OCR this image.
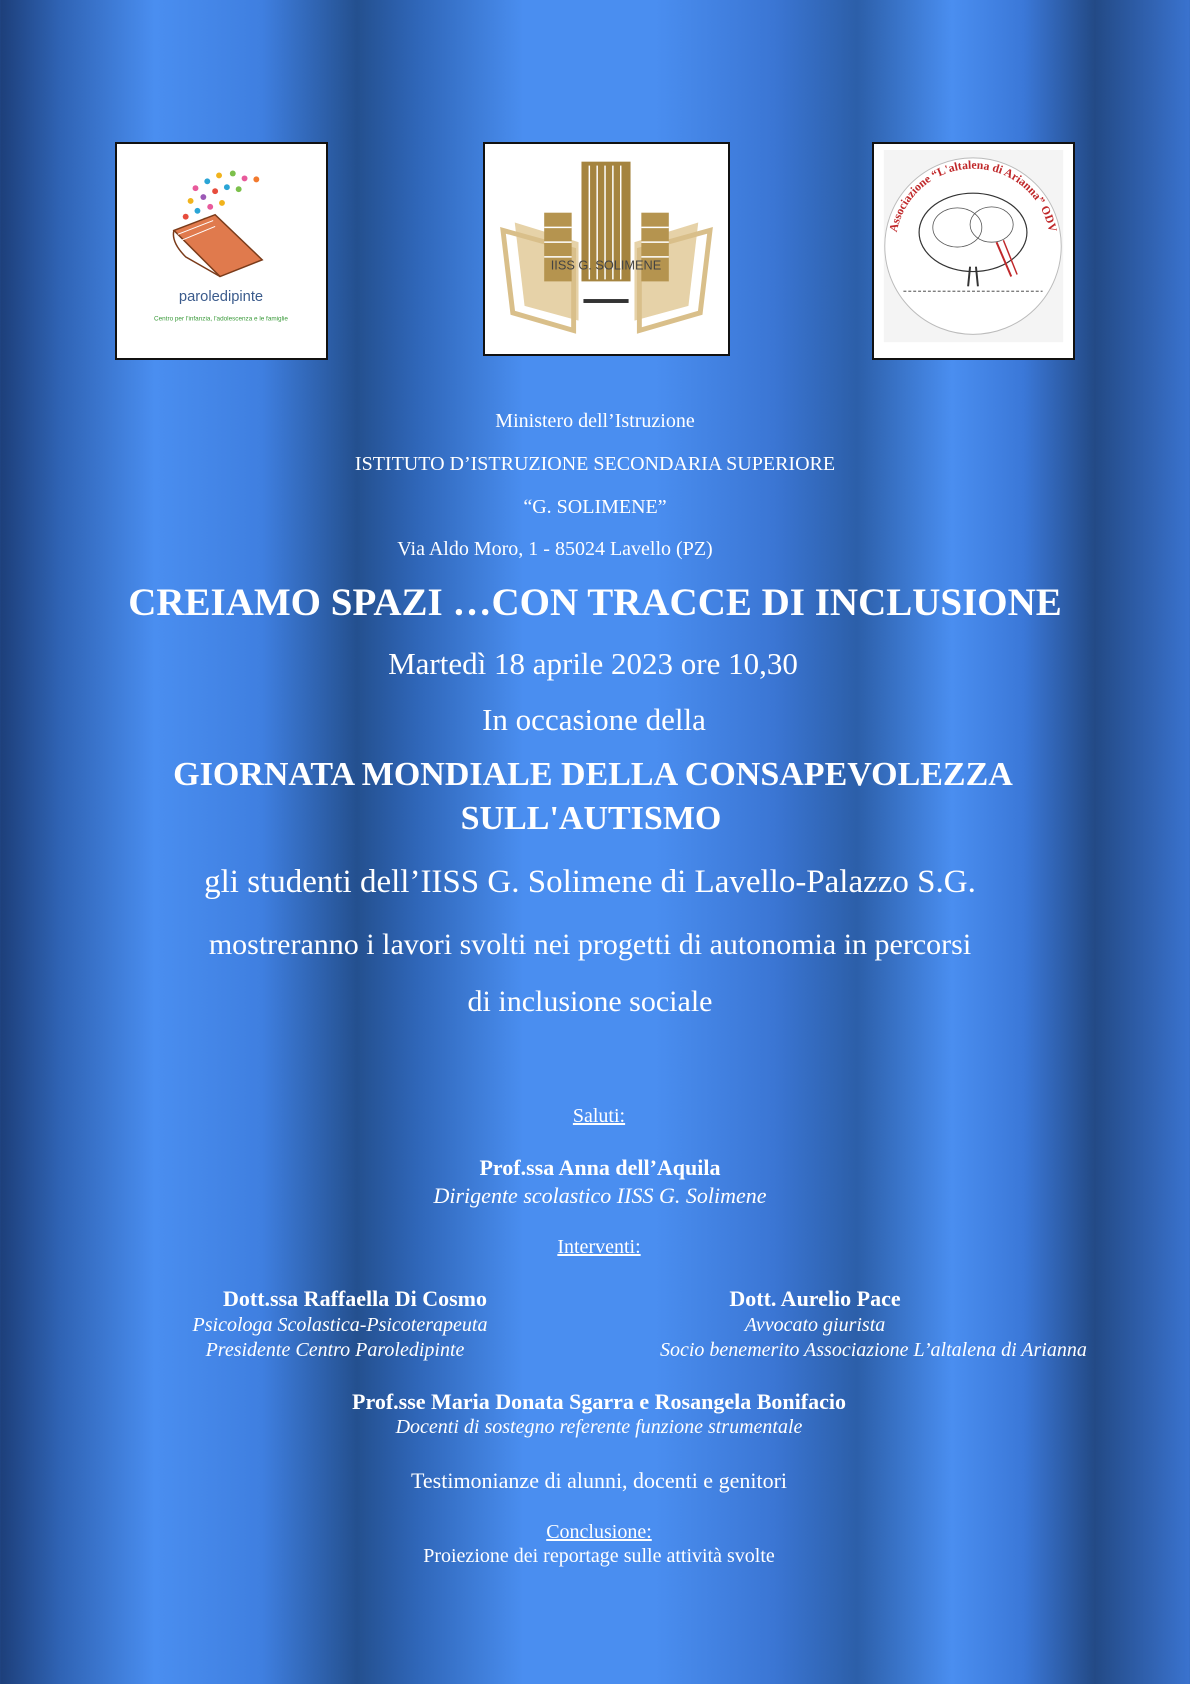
paroledipinte
Centro per l'infanzia, l'adolescenza e le famiglie
IISS G. SOLIMENE
Associazione “L'altalena di Arianna” ODV
Ministero dell’Istruzione
ISTITUTO D’ISTRUZIONE SECONDARIA SUPERIORE
“G. SOLIMENE”
Via Aldo Moro, 1 - 85024 Lavello (PZ)
CREIAMO SPAZI …CON TRACCE DI INCLUSIONE
Martedì 18 aprile 2023 ore 10,30
In occasione della
GIORNATA MONDIALE DELLA CONSAPEVOLEZZA
SULL'AUTISMO
gli studenti dell’IISS G. Solimene di Lavello-Palazzo S.G.
mostreranno i lavori svolti nei progetti di autonomia in percorsi
di inclusione sociale
Saluti:
Prof.ssa Anna dell’Aquila
Dirigente scolastico IISS G. Solimene
Interventi:
Dott.ssa Raffaella Di Cosmo
Psicologa Scolastica-Psicoterapeuta
Presidente Centro Paroledipinte
Dott. Aurelio Pace
Avvocato giurista
Socio benemerito Associazione L’altalena di Arianna
Prof.sse Maria Donata Sgarra e Rosangela Bonifacio
Docenti di sostegno referente funzione strumentale
Testimonianze di alunni, docenti e genitori
Conclusione:
Proiezione dei reportage sulle attività svolte
